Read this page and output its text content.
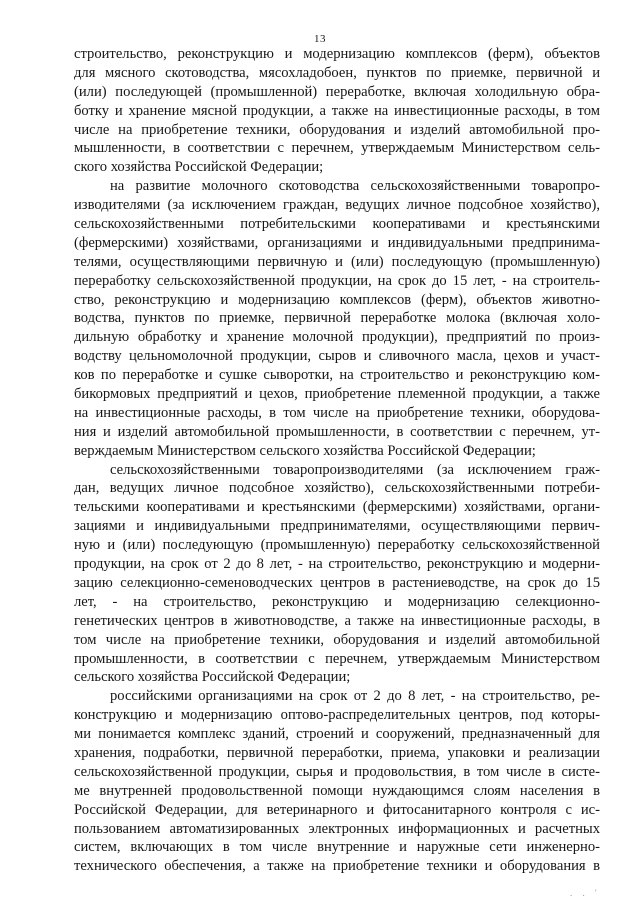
13
строительство, реконструкцию и модернизацию комплексов (ферм), объектов
для мясного скотоводства, мясохладобоен, пунктов по приемке, первичной и
(или) последующей (промышленной) переработке, включая холодильную обра-
ботку и хранение мясной продукции, а также на инвестиционные расходы, в том
числе на приобретение техники, оборудования и изделий автомобильной про-
мышленности, в соответствии с перечнем, утверждаемым Министерством сель-
ского хозяйства Российской Федерации;
на развитие молочного скотоводства сельскохозяйственными товаропро-
изводителями (за исключением граждан, ведущих личное подсобное хозяйство),
сельскохозяйственными потребительскими кооперативами и крестьянскими
(фермерскими) хозяйствами, организациями и индивидуальными предпринима-
телями, осуществляющими первичную и (или) последующую (промышленную)
переработку сельскохозяйственной продукции, на срок до 15 лет, - на строитель-
ство, реконструкцию и модернизацию комплексов (ферм), объектов животно-
водства, пунктов по приемке, первичной переработке молока (включая холо-
дильную обработку и хранение молочной продукции), предприятий по произ-
водству цельномолочной продукции, сыров и сливочного масла, цехов и участ-
ков по переработке и сушке сыворотки, на строительство и реконструкцию ком-
бикормовых предприятий и цехов, приобретение племенной продукции, а также
на инвестиционные расходы, в том числе на приобретение техники, оборудова-
ния и изделий автомобильной промышленности, в соответствии с перечнем, ут-
верждаемым Министерством сельского хозяйства Российской Федерации;
сельскохозяйственными товаропроизводителями (за исключением граж-
дан, ведущих личное подсобное хозяйство), сельскохозяйственными потреби-
тельскими кооперативами и крестьянскими (фермерскими) хозяйствами, органи-
зациями и индивидуальными предпринимателями, осуществляющими первич-
ную и (или) последующую (промышленную) переработку сельскохозяйственной
продукции, на срок от 2 до 8 лет, - на строительство, реконструкцию и модерни-
зацию селекционно-семеноводческих центров в растениеводстве, на срок до 15
лет, - на строительство, реконструкцию и модернизацию селекционно-
генетических центров в животноводстве, а также на инвестиционные расходы, в
том числе на приобретение техники, оборудования и изделий автомобильной
промышленности, в соответствии с перечнем, утверждаемым Министерством
сельского хозяйства Российской Федерации;
российскими организациями на срок от 2 до 8 лет, - на строительство, ре-
конструкцию и модернизацию оптово-распределительных центров, под которы-
ми понимается комплекс зданий, строений и сооружений, предназначенный для
хранения, подработки, первичной переработки, приема, упаковки и реализации
сельскохозяйственной продукции, сырья и продовольствия, в том числе в систе-
ме внутренней продовольственной помощи нуждающимся слоям населения в
Российской Федерации, для ветеринарного и фитосанитарного контроля с ис-
пользованием автоматизированных электронных информационных и расчетных
систем, включающих в том числе внутренние и наружные сети инженерно-
технического обеспечения, а также на приобретение техники и оборудования в
. . '
